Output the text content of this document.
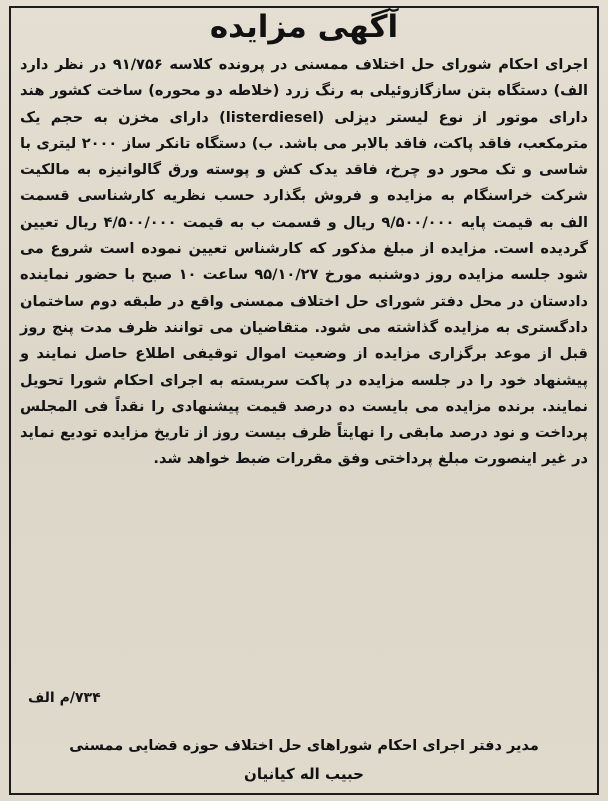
آگهی مزایده
اجرای احکام شورای حل اختلاف ممسنی در پرونده کلاسه ۹۱/۷۵۶ در نظر دارد الف) دستگاه بتن سازگازوئیلی به رنگ زرد (خلاطه دو محوره) ساخت کشور هند دارای موتور از نوع لیستر دیزلی (listerdiesel) دارای مخزن به حجم یک مترمکعب، فاقد پاکت، فاقد بالابر می باشد. ب) دستگاه تانکر ساز ۲۰۰۰ لیتری با شاسی و تک محور دو چرخ، فاقد یدک کش و پوسته ورق گالوانیزه به مالکیت شرکت خراسنگام به مزایده و فروش بگذارد حسب نظریه کارشناسی قسمت الف به قیمت پایه ۹/۵۰۰/۰۰۰ ریال و قسمت ب به قیمت ۴/۵۰۰/۰۰۰ ریال تعیین گردیده است. مزایده از مبلغ مذکور که کارشناس تعیین نموده است شروع می شود جلسه مزایده روز دوشنبه مورخ ۹۵/۱۰/۲۷ ساعت ۱۰ صبح با حضور نماینده دادستان در محل دفتر شورای حل اختلاف ممسنی واقع در طبقه دوم ساختمان دادگستری به مزایده گذاشته می شود. متقاضیان می توانند ظرف مدت پنج روز قبل از موعد برگزاری مزایده از وضعیت اموال توقیفی اطلاع حاصل نمایند و پیشنهاد خود را در جلسه مزایده در پاکت سربسته به اجرای احکام شورا تحویل نمایند. برنده مزایده می بایست ده درصد قیمت پیشنهادی را نقداً فی المجلس پرداخت و نود درصد مابقی را نهایتاً ظرف بیست روز از تاریخ مزایده تودیع نماید در غیر اینصورت مبلغ پرداختی وفق مقررات ضبط خواهد شد.
۷۳۴/م الف
مدیر دفتر اجرای احکام شوراهای حل اختلاف حوزه قضایی ممسنی
حبیب اله کیانیان
